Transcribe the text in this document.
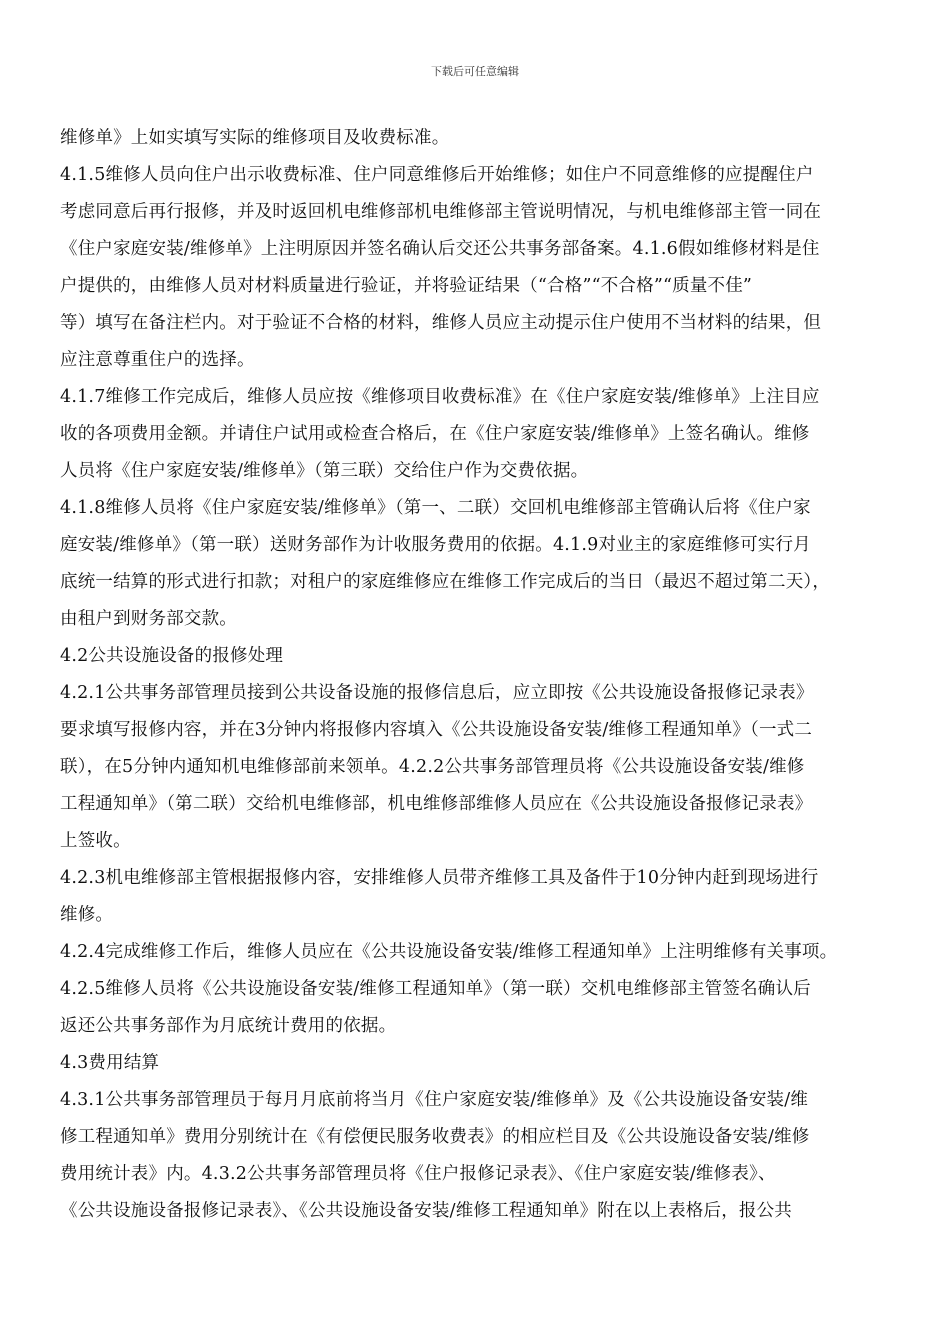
下载后可任意编辑
维修单》上如实填写实际的维修项目及收费标准。
4.1.5维修人员向住户出示收费标准、住户同意维修后开始维修；如住户不同意维修的应提醒住户
考虑同意后再行报修，并及时返回机电维修部机电维修部主管说明情况，与机电维修部主管一同在
《住户家庭安装/维修单》上注明原因并签名确认后交还公共事务部备案。4.1.6假如维修材料是住
户提供的，由维修人员对材料质量进行验证，并将验证结果（“合格”“不合格”“质量不佳”
等）填写在备注栏内。对于验证不合格的材料，维修人员应主动提示住户使用不当材料的结果，但
应注意尊重住户的选择。
4.1.7维修工作完成后，维修人员应按《维修项目收费标准》在《住户家庭安装/维修单》上注目应
收的各项费用金额。并请住户试用或检查合格后，在《住户家庭安装/维修单》上签名确认。维修
人员将《住户家庭安装/维修单》（第三联）交给住户作为交费依据。
4.1.8维修人员将《住户家庭安装/维修单》（第一、二联）交回机电维修部主管确认后将《住户家
庭安装/维修单》（第一联）送财务部作为计收服务费用的依据。4.1.9对业主的家庭维修可实行月
底统一结算的形式进行扣款；对租户的家庭维修应在维修工作完成后的当日（最迟不超过第二天），
由租户到财务部交款。
4.2公共设施设备的报修处理
4.2.1公共事务部管理员接到公共设备设施的报修信息后，应立即按《公共设施设备报修记录表》
要求填写报修内容，并在3分钟内将报修内容填入《公共设施设备安装/维修工程通知单》（一式二
联），在5分钟内通知机电维修部前来领单。4.2.2公共事务部管理员将《公共设施设备安装/维修
工程通知单》（第二联）交给机电维修部，机电维修部维修人员应在《公共设施设备报修记录表》
上签收。
4.2.3机电维修部主管根据报修内容，安排维修人员带齐维修工具及备件于10分钟内赶到现场进行
维修。
4.2.4完成维修工作后，维修人员应在《公共设施设备安装/维修工程通知单》上注明维修有关事项。
4.2.5维修人员将《公共设施设备安装/维修工程通知单》（第一联）交机电维修部主管签名确认后
返还公共事务部作为月底统计费用的依据。
4.3费用结算
4.3.1公共事务部管理员于每月月底前将当月《住户家庭安装/维修单》及《公共设施设备安装/维
修工程通知单》费用分别统计在《有偿便民服务收费表》的相应栏目及《公共设施设备安装/维修
费用统计表》内。4.3.2公共事务部管理员将《住户报修记录表》、《住户家庭安装/维修表》、
《公共设施设备报修记录表》、《公共设施设备安装/维修工程通知单》附在以上表格后，报公共
